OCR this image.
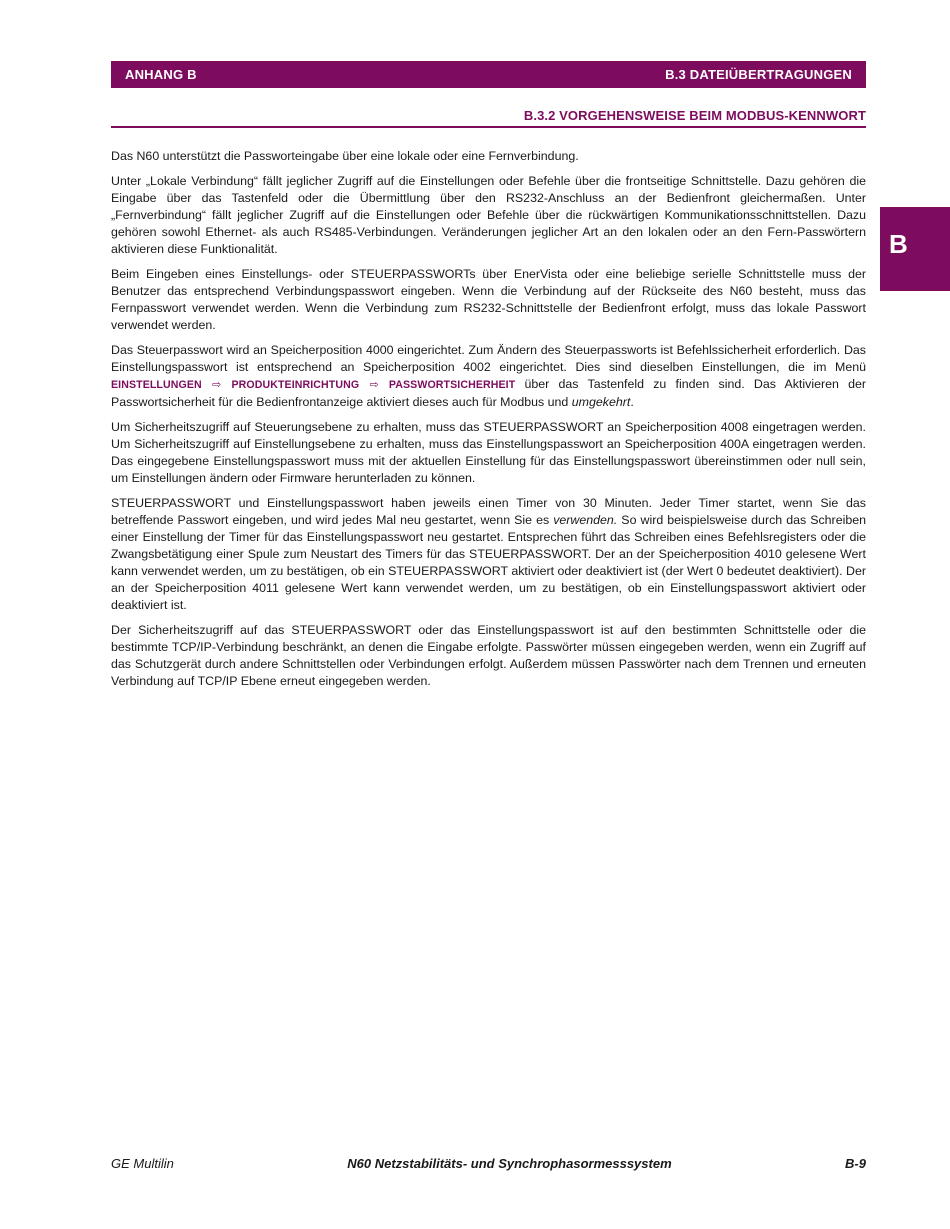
ANHANG B	B.3 DATEIÜBERTRAGUNGEN
B.3.2 VORGEHENSWEISE BEIM MODBUS-KENNWORT
B

Das N60 unterstützt die Passworteingabe über eine lokale oder eine Fernverbindung.

Unter „Lokale Verbindung“ fällt jeglicher Zugriff auf die Einstellungen oder Befehle über die frontseitige Schnittstelle. Dazu gehören die Eingabe über das Tastenfeld oder die Übermittlung über den RS232-Anschluss an der Bedienfront gleichermaßen. Unter „Fernverbindung“ fällt jeglicher Zugriff auf die Einstellungen oder Befehle über die rückwärtigen Kommunikationsschnittstellen. Dazu gehören sowohl Ethernet- als auch RS485-Verbindungen. Veränderungen jeglicher Art an den lokalen oder an den Fern-Passwörtern aktivieren diese Funktionalität.

Beim Eingeben eines Einstellungs- oder STEUERPASSWORTs über EnerVista oder eine beliebige serielle Schnittstelle muss der Benutzer das entsprechend Verbindungspasswort eingeben. Wenn die Verbindung auf der Rückseite des N60 besteht, muss das Fernpasswort verwendet werden. Wenn die Verbindung zum RS232-Schnittstelle der Bedienfront erfolgt, muss das lokale Passwort verwendet werden.

Das Steuerpasswort wird an Speicherposition 4000 eingerichtet. Zum Ändern des Steuerpassworts ist Befehlssicherheit erforderlich. Das Einstellungspasswort ist entsprechend an Speicherposition 4002 eingerichtet. Dies sind dieselben Einstellungen, die im Menü EINSTELLUNGEN ⇨ PRODUKTEINRICHTUNG ⇨ PASSWORTSICHERHEIT über das Tastenfeld zu finden sind. Das Aktivieren der Passwortsicherheit für die Bedienfrontanzeige aktiviert dieses auch für Modbus und umgekehrt.

Um Sicherheitszugriff auf Steuerungsebene zu erhalten, muss das STEUERPASSWORT an Speicherposition 4008 eingetragen werden. Um Sicherheitszugriff auf Einstellungsebene zu erhalten, muss das Einstellungspasswort an Speicherposition 400A eingetragen werden. Das eingegebene Einstellungspasswort muss mit der aktuellen Einstellung für das Einstellungspasswort übereinstimmen oder null sein, um Einstellungen ändern oder Firmware herunterladen zu können.

STEUERPASSWORT und Einstellungspasswort haben jeweils einen Timer von 30 Minuten. Jeder Timer startet, wenn Sie das betreffende Passwort eingeben, und wird jedes Mal neu gestartet, wenn Sie es verwenden. So wird beispielsweise durch das Schreiben einer Einstellung der Timer für das Einstellungspasswort neu gestartet. Entsprechen führt das Schreiben eines Befehlsregisters oder die Zwangsbetätigung einer Spule zum Neustart des Timers für das STEUERPASSWORT. Der an der Speicherposition 4010 gelesene Wert kann verwendet werden, um zu bestätigen, ob ein STEUERPASSWORT aktiviert oder deaktiviert ist (der Wert 0 bedeutet deaktiviert). Der an der Speicherposition 4011 gelesene Wert kann verwendet werden, um zu bestätigen, ob ein Einstellungspasswort aktiviert oder deaktiviert ist.

Der Sicherheitszugriff auf das STEUERPASSWORT oder das Einstellungspasswort ist auf den bestimmten Schnittstelle oder die bestimmte TCP/IP-Verbindung beschränkt, an denen die Eingabe erfolgte. Passwörter müssen eingegeben werden, wenn ein Zugriff auf das Schutzgerät durch andere Schnittstellen oder Verbindungen erfolgt. Außerdem müssen Passwörter nach dem Trennen und erneuten Verbindung auf TCP/IP Ebene erneut eingegeben werden.

GE Multilin	N60 Netzstabilitäts- und Synchrophasormesssystem	B-9
